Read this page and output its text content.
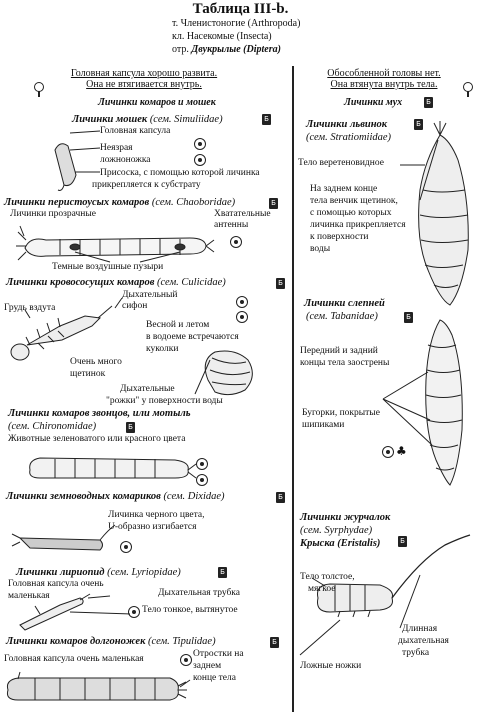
Таблица III-b.
т. Членистоногие (Arthropoda)
кл. Насекомые (Insecta)
отр. Двукрылые (Diptera)
Головная капсула хорошо развита.
Она не втягивается внутрь.
Личинки комаров и мошек
Личинки мошек (сем. Simuliidae)	Б
Головная капсула
Неязрая
ложноножка
Присоска, с помощью которой личинка
прикрепляется к субстрату
Личинки перистоусых комаров (сем. Chaoboridae)	Б
Личинки прозрачные	Хватательные
антенны
Темные воздушные пузыри
Личинки кровососущих комаров (сем. Culicidae)	Б
Грудь вздута
Дыхательный
сифон
Весной и летом
в водоеме встречаются
куколки
Очень много
щетинок
Дыхательные
"рожки" у поверхности воды
Личинки комаров звонцов, или мотыль
(сем. Chironomidae)	Б
Животные зеленоватого или красного цвета
Личинки земноводных комариков (сем. Dixidae)	Б
Личинка черного цвета,
U-образно изгибается
Личинки лириопид (сем. Lyriopidae)	Б
Головная капсула очень
маленькая	Дыхательная трубка
Тело тонкое, вытянутое
Личинки комаров долгоножек (сем. Tipulidae)	Б
Головная капсула очень маленькая	Отростки на
заднем
конце тела
Обособленной головы нет.
Она втянута внутрь тела.
Личинки мух	Б
Личинки львинок	Б
(сем. Stratiomiidae)
Тело веретеновидное
На заднем конце
тела венчик щетинок,
с помощью которых
личинка прикрепляется
к поверхности
воды
Личинки слепней
(сем. Tabanidae)	Б
Передний и задний
концы тела заострены
Бугорки, покрытые
шипиками
♣
Личинки журчалок
(сем. Syrphydae)
Крыска (Eristalis)	Б
Тело толстое,
мягкое
Длинная
дыхательная
трубка
Ложные ножки
